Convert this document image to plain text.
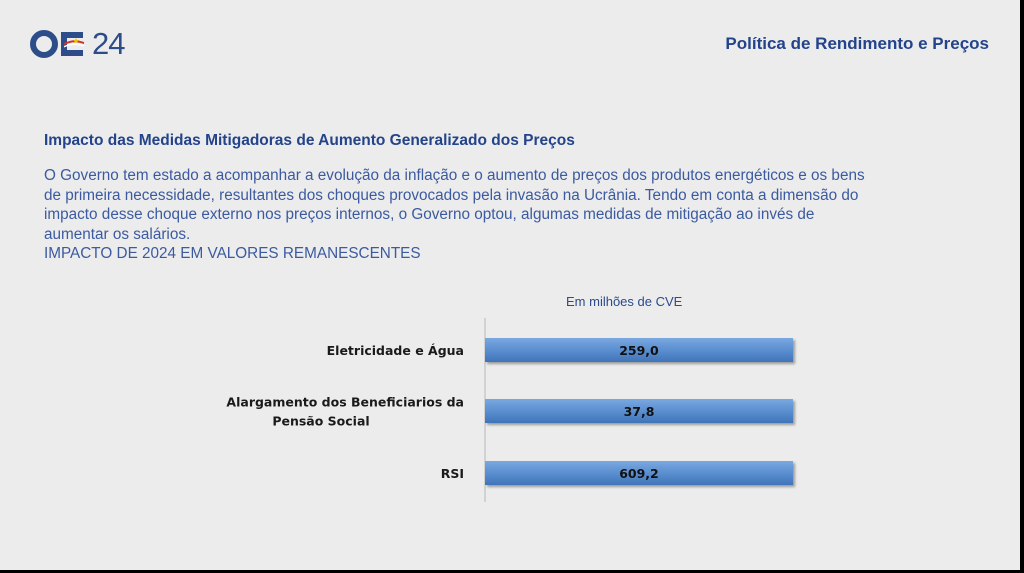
24	Política de Rendimento e Preços
Impacto das Medidas Mitigadoras de Aumento Generalizado dos Preços
O Governo tem estado a acompanhar a evolução da inflação e o aumento de preços dos produtos energéticos e os bens de primeira necessidade, resultantes dos choques provocados pela invasão na Ucrânia. Tendo em conta a dimensão do impacto desse choque externo nos preços internos, o Governo optou, algumas medidas de mitigação ao invés de aumentar os salários.
IMPACTO DE 2024 EM VALORES REMANESCENTES
Em milhões de CVE
259,0
Eletricidade e Água
37,8
Alargamento dos Beneficiarios da
Pensão Social
609,2
RSI
